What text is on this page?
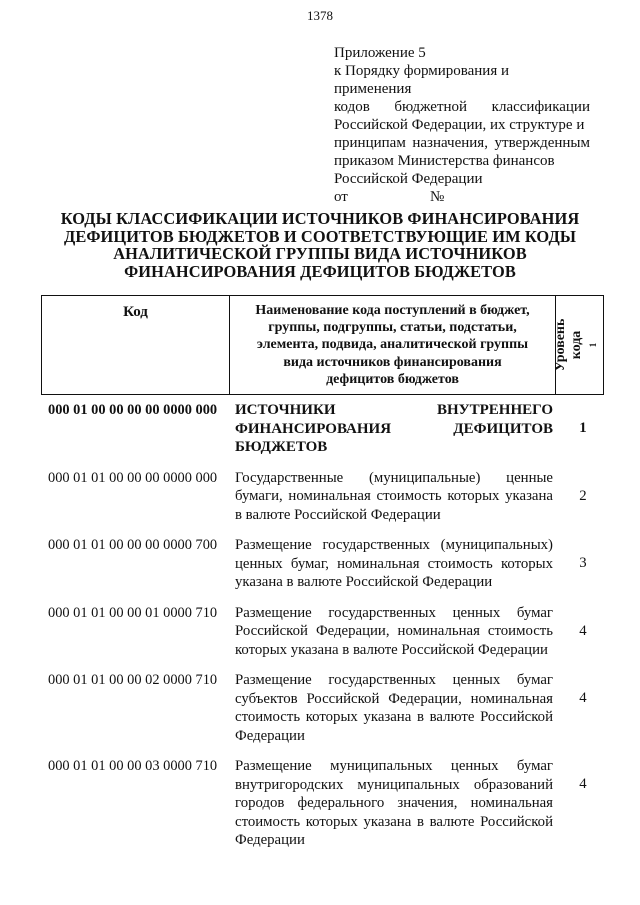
1378
Приложение 5
к Порядку формирования и применения
кодов бюджетной классификации
Российской Федерации, их структуре и
принципам назначения, утвержденным
приказом Министерства финансов
Российской Федерации
от	№
КОДЫ КЛАССИФИКАЦИИ ИСТОЧНИКОВ ФИНАНСИРОВАНИЯ
ДЕФИЦИТОВ БЮДЖЕТОВ И СООТВЕТСТВУЮЩИЕ ИМ КОДЫ
АНАЛИТИЧЕСКОЙ ГРУППЫ ВИДА ИСТОЧНИКОВ
ФИНАНСИРОВАНИЯ ДЕФИЦИТОВ БЮДЖЕТОВ
Код	Наименование кода поступлений в бюджет,
группы, подгруппы, статьи, подстатьи,
элемента, подвида, аналитической группы
вида источников финансирования
дефицитов бюджетов
Уровень кода $^1$
000 01 00 00 00 00 0000 000
1
ИСТОЧНИКИ ВНУТРЕННЕГО ФИНАНСИРОВАНИЯ ДЕФИЦИТОВ БЮДЖЕТОВ
000 01 01 00 00 00 0000 000
2
Государственные (муниципальные) ценные бумаги, номинальная стоимость которых указана в валюте Российской Федерации
000 01 01 00 00 00 0000 700
3
Размещение государственных (муниципальных) ценных бумаг, номинальная стоимость которых указана в валюте Российской Федерации
000 01 01 00 00 01 0000 710
4
Размещение государственных ценных бумаг Российской Федерации, номинальная стоимость которых указана в валюте Российской Федерации
000 01 01 00 00 02 0000 710
4
Размещение государственных ценных бумаг субъектов Российской Федерации, номинальная стоимость которых указана в валюте Российской Федерации
000 01 01 00 00 03 0000 710
4
Размещение муниципальных ценных бумаг внутригородских муниципальных образований городов федерального значения, номинальная стоимость которых указана в валюте Российской Федерации
